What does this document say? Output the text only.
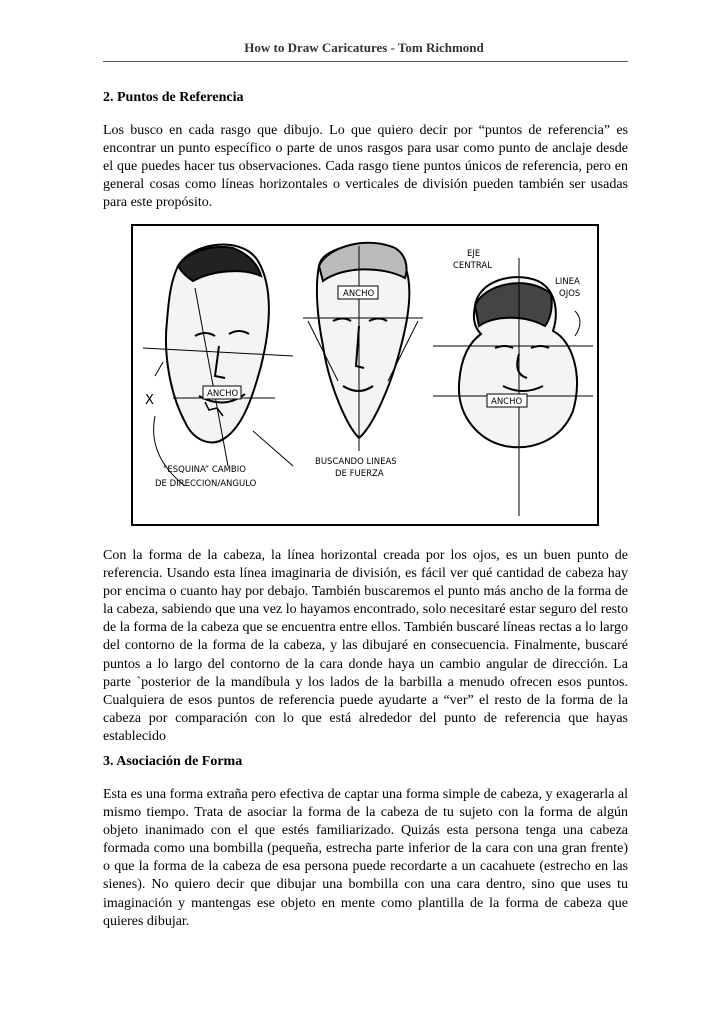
How to Draw Caricatures - Tom Richmond
2. Puntos de Referencia

Los busco en cada rasgo que dibujo. Lo que quiero decir por “puntos de referencia” es encontrar un punto específico o parte de unos rasgos para usar como punto de anclaje desde el que puedes hacer tus observaciones. Cada rasgo tiene puntos únicos de referencia, pero en general cosas como líneas horizontales o verticales de división pueden también ser usadas para este propósito.

ANCHO
X
“ESQUINA” CAMBIO
DE DIRECCION/ANGULO
ANCHO
BUSCANDO LINEAS
DE FUERZA
ANCHO
EJE
CENTRAL
LINEA
OJOS

Con la forma de la cabeza, la línea horizontal creada por los ojos, es un buen punto de referencia. Usando esta línea imaginaria de división, es fácil ver qué cantidad de cabeza hay por encima o cuanto hay por debajo. También buscaremos el punto más ancho de la forma de la cabeza, sabiendo que una vez lo hayamos encontrado, solo necesitaré estar seguro del resto de la forma de la cabeza que se encuentra entre ellos. También buscaré líneas rectas a lo largo del contorno de la forma de la cabeza, y las dibujaré en consecuencia. Finalmente, buscaré puntos a lo largo del contorno de la cara donde haya un cambio angular de dirección. La parte `posterior de la mandíbula y los lados de la barbilla a menudo ofrecen esos puntos. Cualquiera de esos puntos de referencia puede ayudarte a “ver” el resto de la forma de la cabeza por comparación con lo que está alrededor del punto de referencia que hayas establecido

3. Asociación de Forma

Esta es una forma extraña pero efectiva de captar una forma simple de cabeza, y exagerarla al mismo tiempo. Trata de asociar la forma de la cabeza de tu sujeto con la forma de algún objeto inanimado con el que estés familiarizado. Quizás esta persona tenga una cabeza formada como una bombilla (pequeña, estrecha parte inferior de la cara con una gran frente) o que la forma de la cabeza de esa persona puede recordarte a un cacahuete (estrecho en las sienes). No quiero decir que dibujar una bombilla con una cara dentro, sino que uses tu imaginación y mantengas ese objeto en mente como plantilla de la forma de cabeza que quieres dibujar.
